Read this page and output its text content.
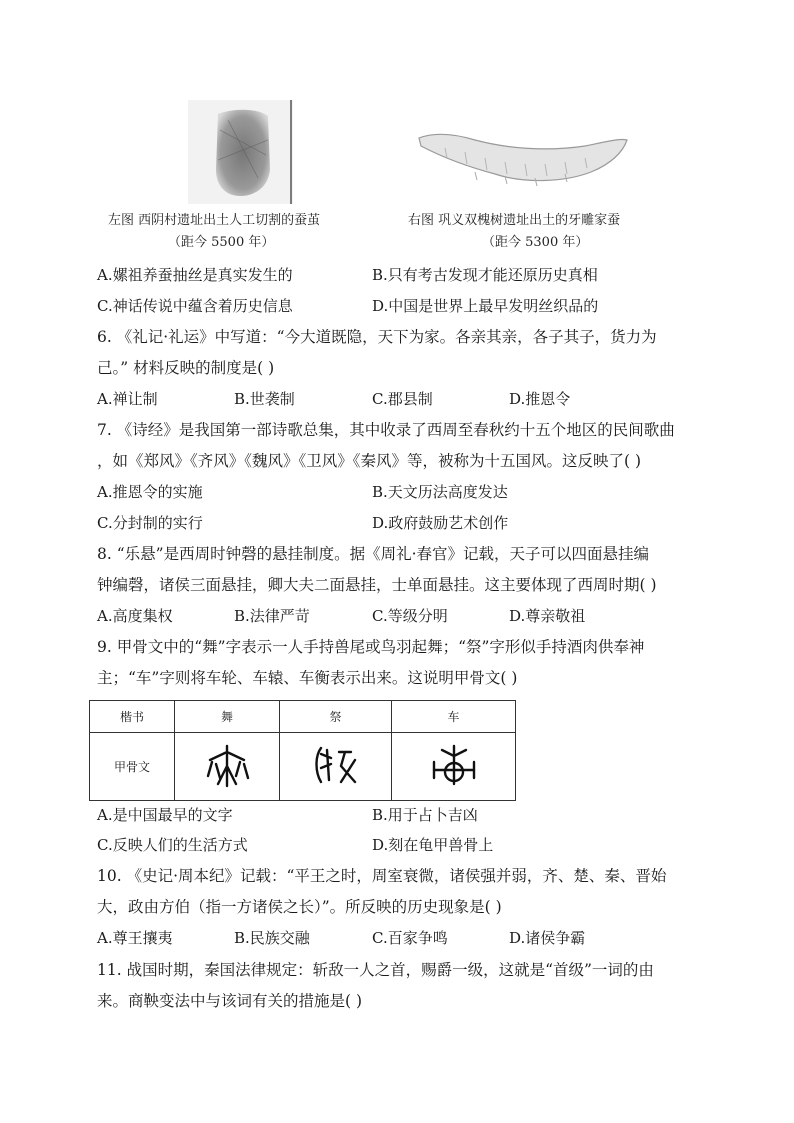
左图 西阴村遗址出土人工切割的蚕茧
（距今 5500 年）
右图 巩义双槐树遗址出土的牙雕家蚕
（距今 5300 年）
A.嫘祖养蚕抽丝是真实发生的	B.只有考古发现才能还原历史真相
C.神话传说中蕴含着历史信息	D.中国是世界上最早发明丝织品的
6. 《礼记·礼运》中写道：“今大道既隐，天下为家。各亲其亲，各子其子，货力为
己。” 材料反映的制度是( )
A.禅让制	B.世袭制	C.郡县制	D.推恩令
7. 《诗经》是我国第一部诗歌总集，其中收录了西周至春秋约十五个地区的民间歌曲
，如《郑风》《齐风》《魏风》《卫风》《秦风》等，被称为十五国风。这反映了( )
A.推恩令的实施	B.天文历法高度发达
C.分封制的实行	D.政府鼓励艺术创作
8. “乐悬”是西周时钟磬的悬挂制度。据《周礼·春官》记载，天子可以四面悬挂编
钟编磬，诸侯三面悬挂，卿大夫二面悬挂，士单面悬挂。这主要体现了西周时期( )
A.高度集权	B.法律严苛	C.等级分明	D.尊亲敬祖
9. 甲骨文中的“舞”字表示一人手持兽尾或鸟羽起舞；“祭”字形似手持酒肉供奉神
主；“车”字则将车轮、车辕、车衡表示出来。这说明甲骨文( )
楷书	舞	祭	车
甲骨文			
A.是中国最早的文字	B.用于占卜吉凶
C.反映人们的生活方式	D.刻在龟甲兽骨上
10. 《史记·周本纪》记载：“平王之时，周室衰微，诸侯强并弱，齐、楚、秦、晋始
大，政由方伯（指一方诸侯之长）”。所反映的历史现象是( )
A.尊王攘夷	B.民族交融	C.百家争鸣	D.诸侯争霸
11. 战国时期，秦国法律规定：斩敌一人之首，赐爵一级，这就是“首级”一词的由
来。商鞅变法中与该词有关的措施是( )
